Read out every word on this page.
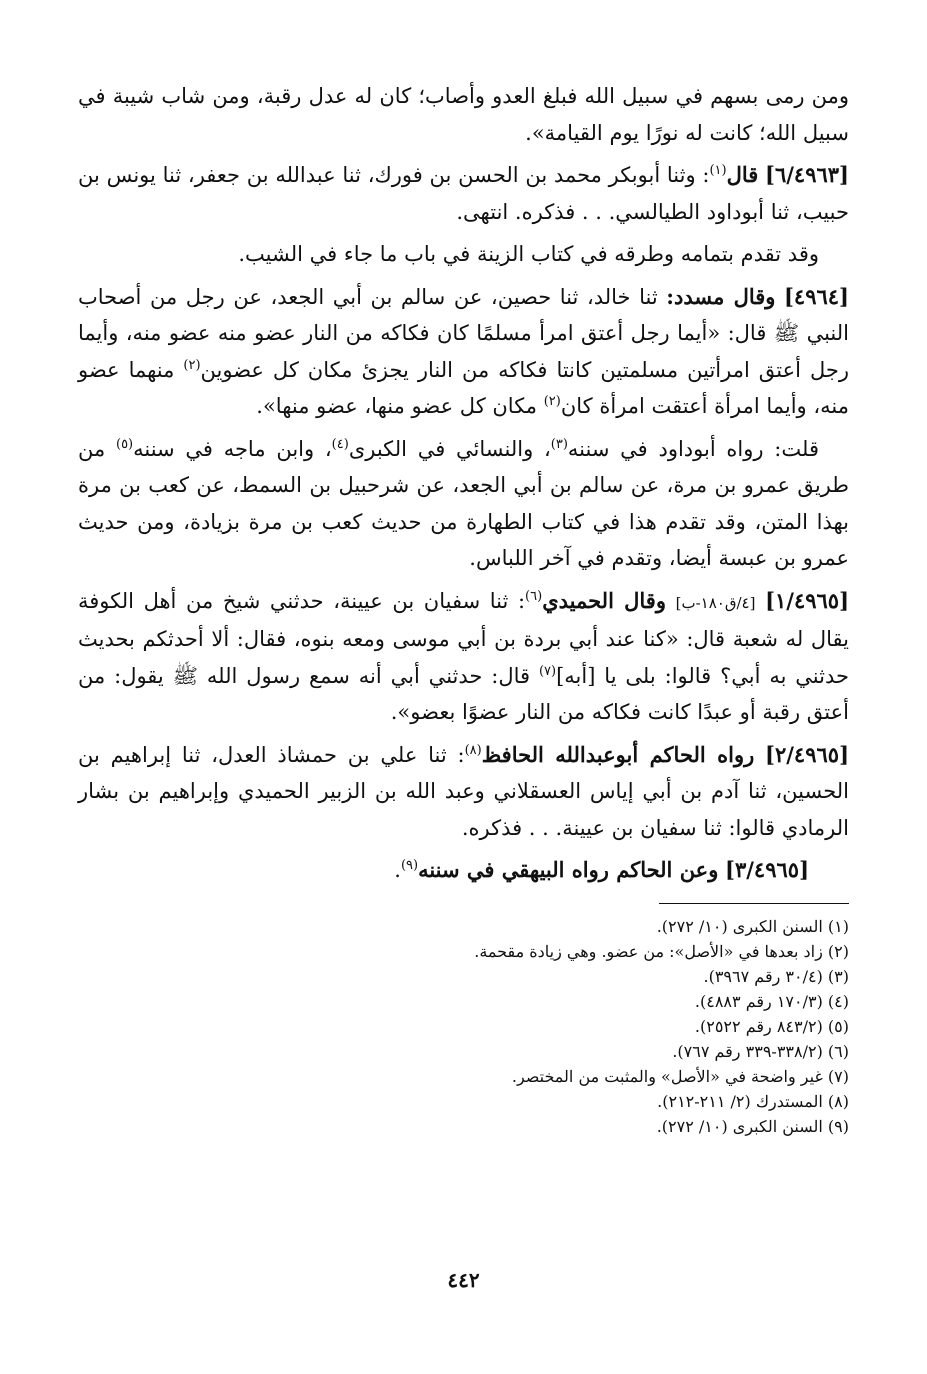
ومن رمى بسهم في سبيل الله فبلغ العدو وأصاب؛ كان له عدل رقبة، ومن شاب شيبة في سبيل الله؛ كانت له نورًا يوم القيامة».

[٦/٤٩٦٣] قال$^{(١)}$: وثنا أبوبكر محمد بن الحسن بن فورك، ثنا عبدالله بن جعفر، ثنا يونس بن حبيب، ثنا أبوداود الطيالسي. . . فذكره. انتهى.

وقد تقدم بتمامه وطرقه في كتاب الزينة في باب ما جاء في الشيب.

[٤٩٦٤] وقال مسدد: ثنا خالد، ثنا حصين، عن سالم بن أبي الجعد، عن رجل من أصحاب النبي ﷺ قال: «أيما رجل أعتق امرأ مسلمًا كان فكاكه من النار عضو منه عضو منه، وأيما رجل أعتق امرأتين مسلمتين كانتا فكاكه من النار يجزئ مكان كل عضوين$^{(٢)}$ منهما عضو منه، وأيما امرأة أعتقت امرأة كان$^{(٢)}$ مكان كل عضو منها، عضو منها».

قلت: رواه أبوداود في سننه$^{(٣)}$، والنسائي في الكبرى$^{(٤)}$، وابن ماجه في سننه$^{(٥)}$ من طريق عمرو بن مرة، عن سالم بن أبي الجعد، عن شرحبيل بن السمط، عن كعب بن مرة بهذا المتن، وقد تقدم هذا في كتاب الطهارة من حديث كعب بن مرة بزيادة، ومن حديث عمرو بن عبسة أيضا، وتقدم في آخر اللباس.

[١/٤٩٦٥] [٤/ق١٨٠-ب] وقال الحميدي$^{(٦)}$: ثنا سفيان بن عيينة، حدثني شيخ من أهل الكوفة يقال له شعبة قال: «كنا عند أبي بردة بن أبي موسى ومعه بنوه، فقال: ألا أحدثكم بحديث حدثني به أبي؟ قالوا: بلى يا [أبه]$^{(٧)}$ قال: حدثني أبي أنه سمع رسول الله ﷺ يقول: من أعتق رقبة أو عبدًا كانت فكاكه من النار عضوًا بعضو».

[٢/٤٩٦٥] رواه الحاكم أبوعبدالله الحافظ$^{(٨)}$: ثنا علي بن حمشاذ العدل، ثنا إبراهيم بن الحسين، ثنا آدم بن أبي إياس العسقلاني وعبد الله بن الزبير الحميدي وإبراهيم بن بشار الرمادي قالوا: ثنا سفيان بن عيينة. . . فذكره.

[٣/٤٩٦٥] وعن الحاكم رواه البيهقي في سننه$^{(٩)}$.

(١) السنن الكبرى (١٠/ ٢٧٢).
(٢) زاد بعدها في «الأصل»: من عضو. وهي زيادة مقحمة.
(٣) (٣٠/٤ رقم ٣٩٦٧).
(٤) (١٧٠/٣ رقم ٤٨٨٣).
(٥) (٨٤٣/٢ رقم ٢٥٢٢).
(٦) (٣٣٨/٢-٣٣٩ رقم ٧٦٧).
(٧) غير واضحة في «الأصل» والمثبت من المختصر.
(٨) المستدرك (٢/ ٢١١-٢١٢).
(٩) السنن الكبرى (١٠/ ٢٧٢).
٤٤٢
